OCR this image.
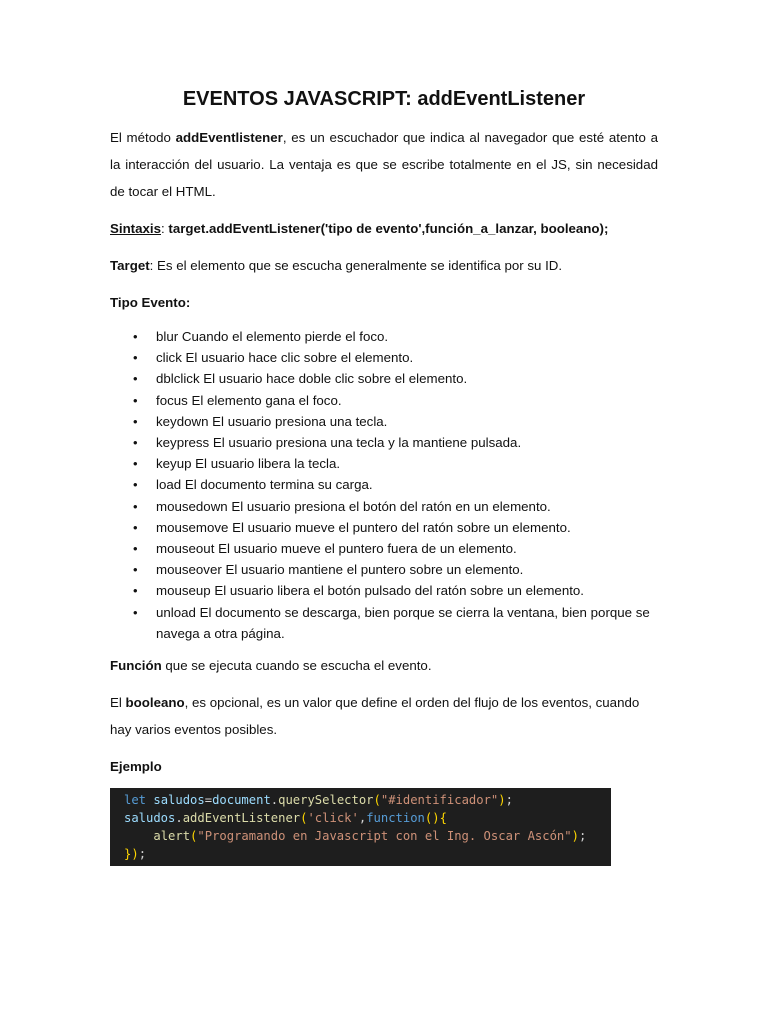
EVENTOS JAVASCRIPT: addEventListener

El método addEventlistener, es un escuchador que indica al navegador que esté atento a la interacción del usuario. La ventaja es que se escribe totalmente en el JS, sin necesidad de tocar el HTML.

Sintaxis: target.addEventListener('tipo de evento',función_a_lanzar, booleano);

Target: Es el elemento que se escucha generalmente se identifica por su ID.

Tipo Evento:

• blur Cuando el elemento pierde el foco.
• click El usuario hace clic sobre el elemento.
• dblclick El usuario hace doble clic sobre el elemento.
• focus El elemento gana el foco.
• keydown El usuario presiona una tecla.
• keypress El usuario presiona una tecla y la mantiene pulsada.
• keyup El usuario libera la tecla.
• load El documento termina su carga.
• mousedown El usuario presiona el botón del ratón en un elemento.
• mousemove El usuario mueve el puntero del ratón sobre un elemento.
• mouseout El usuario mueve el puntero fuera de un elemento.
• mouseover El usuario mantiene el puntero sobre un elemento.
• mouseup El usuario libera el botón pulsado del ratón sobre un elemento.
• unload El documento se descarga, bien porque se cierra la ventana, bien porque se navega a otra página.

Función que se ejecuta cuando se escucha el evento.

El booleano, es opcional, es un valor que define el orden del flujo de los eventos, cuando hay varios eventos posibles.

Ejemplo

let saludos=document.querySelector("#identificador");
saludos.addEventListener('click',function(){
alert("Programando en Javascript con el Ing. Oscar Ascón");
});
